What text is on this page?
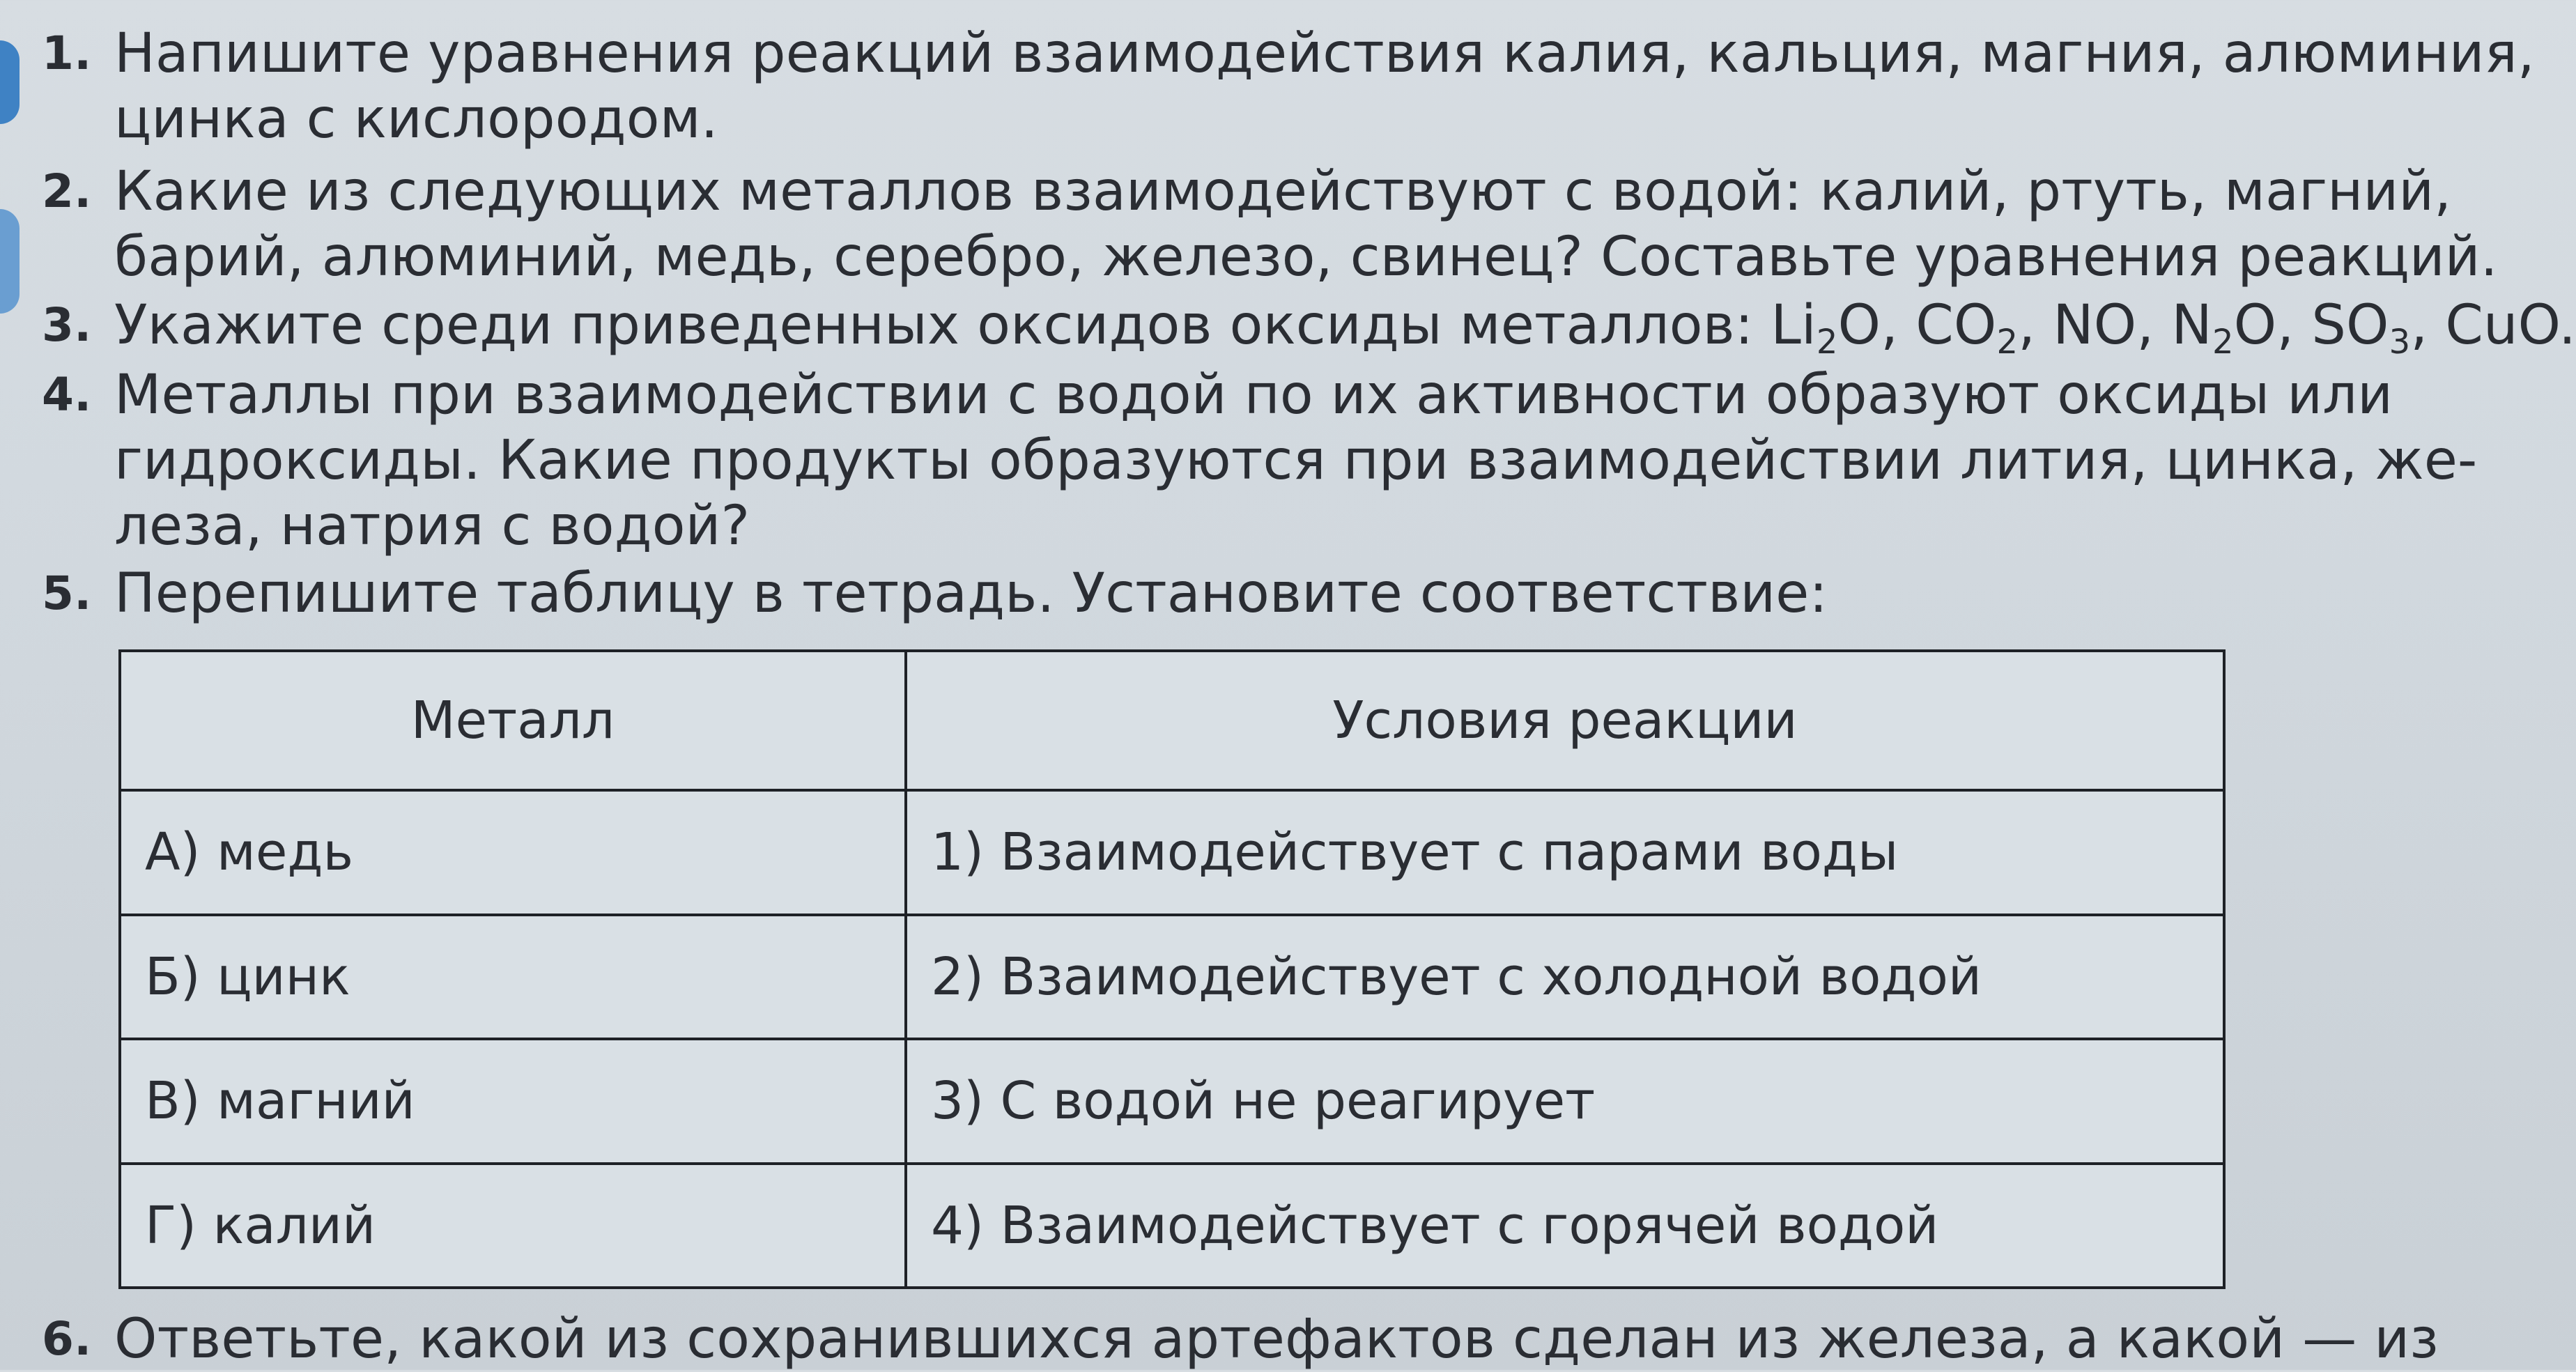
1. Напишите уравнения реакций взаимодействия калия, кальция, магния, алюминия,
цинка с кислородом.
2. Какие из следующих металлов взаимодействуют с водой: калий, ртуть, магний,
барий, алюминий, медь, серебро, железо, свинец? Составьте уравнения реакций.
3. Укажите среди приведенных оксидов оксиды металлов: $Li_2O$, $CO_2$, NO, $N_2O$, $SO_3$, CuO.
4. Металлы при взаимодействии с водой по их активности образуют оксиды или
гидроксиды. Какие продукты образуются при взаимодействии лития, цинка, же-
леза, натрия с водой?
5. Перепишите таблицу в тетрадь. Установите соответствие:
Металл	Условия реакции
А) медь	1) Взаимодействует с парами воды
Б) цинк	2) Взаимодействует с холодной водой
В) магний	3) С водой не реагирует
Г) калий	4) Взаимодействует с горячей водой
6. Ответьте, какой из сохранившихся артефактов сделан из железа, а какой — из
